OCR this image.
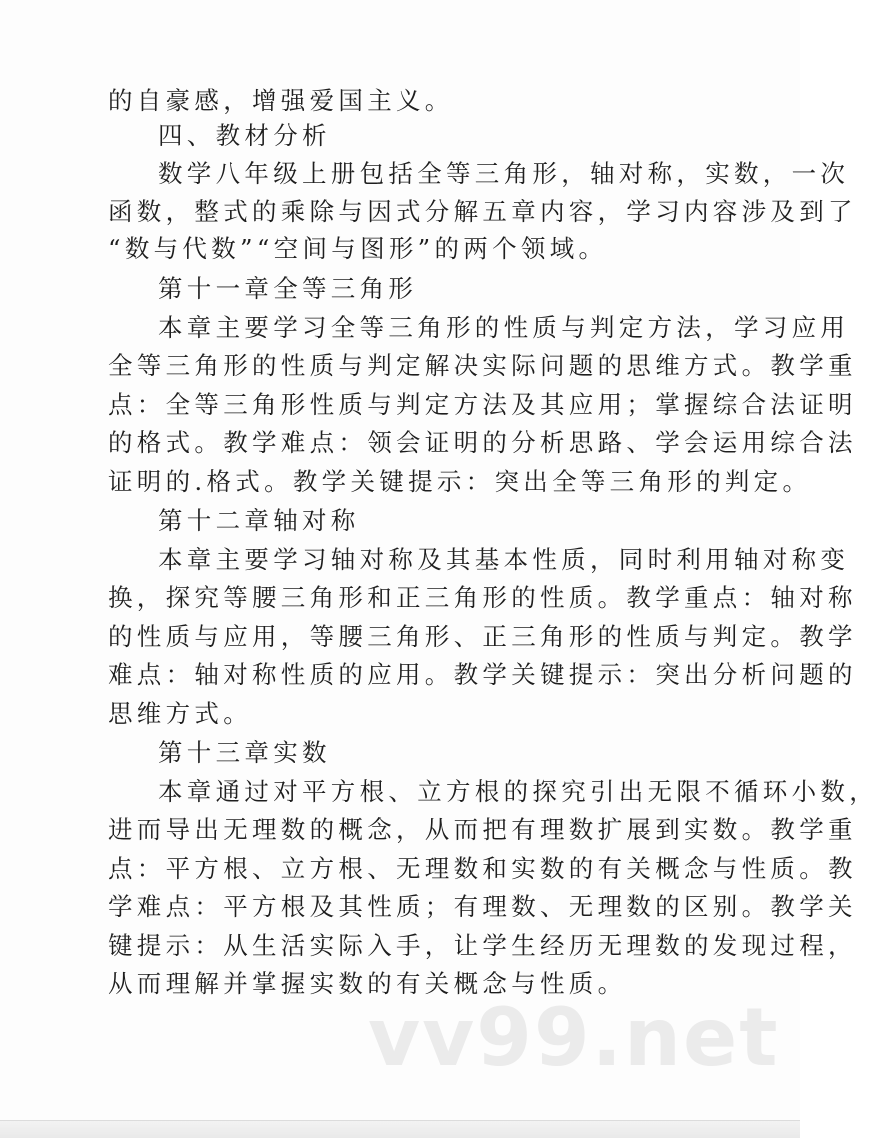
的自豪感，增强爱国主义。
四、教材分析
数学八年级上册包括全等三角形，轴对称，实数，一次
函数，整式的乘除与因式分解五章内容，学习内容涉及到了
“数与代数”“空间与图形”的两个领域。
第十一章全等三角形
本章主要学习全等三角形的性质与判定方法，学习应用
全等三角形的性质与判定解决实际问题的思维方式。教学重
点：全等三角形性质与判定方法及其应用；掌握综合法证明
的格式。教学难点：领会证明的分析思路、学会运用综合法
证明的.格式。教学关键提示：突出全等三角形的判定。
第十二章轴对称
本章主要学习轴对称及其基本性质，同时利用轴对称变
换，探究等腰三角形和正三角形的性质。教学重点：轴对称
的性质与应用，等腰三角形、正三角形的性质与判定。教学
难点：轴对称性质的应用。教学关键提示：突出分析问题的
思维方式。
第十三章实数
本章通过对平方根、立方根的探究引出无限不循环小数，
进而导出无理数的概念，从而把有理数扩展到实数。教学重
点：平方根、立方根、无理数和实数的有关概念与性质。教
学难点：平方根及其性质；有理数、无理数的区别。教学关
键提示：从生活实际入手，让学生经历无理数的发现过程，
从而理解并掌握实数的有关概念与性质。
vv99.net
